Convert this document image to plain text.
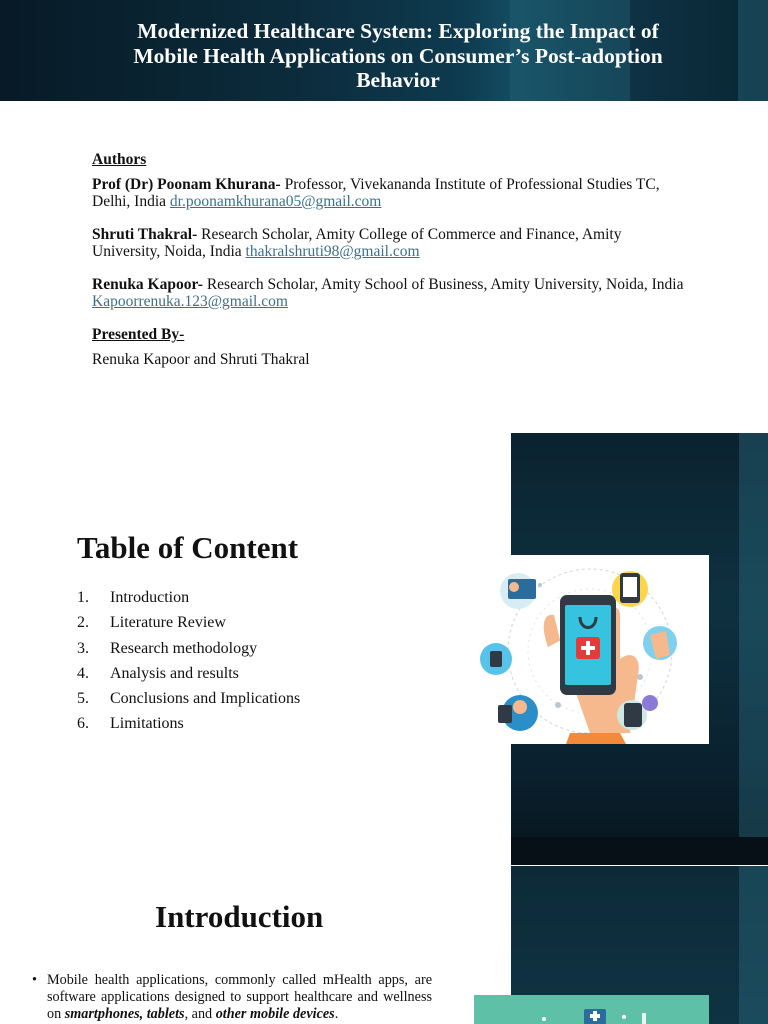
Modernized Healthcare System: Exploring the Impact of Mobile Health Applications on Consumer’s Post-adoption Behavior
Authors

Prof (Dr) Poonam Khurana- Professor, Vivekananda Institute of Professional Studies TC, Delhi, India dr.poonamkhurana05@gmail.com

Shruti Thakral- Research Scholar, Amity College of Commerce and Finance, Amity University, Noida, India thakralshruti98@gmail.com

Renuka Kapoor- Research Scholar, Amity School of Business, Amity University, Noida, India Kapoorrenuka.123@gmail.com

Presented By-
Renuka Kapoor and Shruti Thakral
Table of Content
1.	Introduction
2.	Literature Review
3.	Research methodology
4.	Analysis and results
5.	Conclusions and Implications
6.	Limitations
Introduction
• Mobile health applications, commonly called mHealth apps, are software applications designed to support healthcare and wellness on smartphones, tablets, and other mobile devices.
